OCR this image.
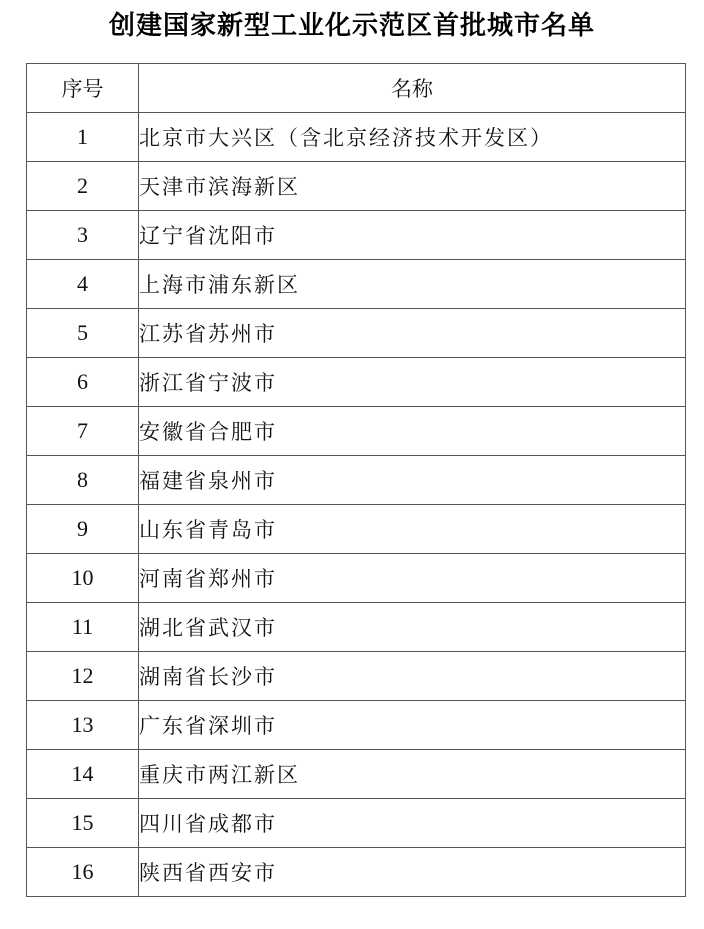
创建国家新型工业化示范区首批城市名单
序号	名称
1	北京市大兴区（含北京经济技术开发区）
2	天津市滨海新区
3	辽宁省沈阳市
4	上海市浦东新区
5	江苏省苏州市
6	浙江省宁波市
7	安徽省合肥市
8	福建省泉州市
9	山东省青岛市
10	河南省郑州市
11	湖北省武汉市
12	湖南省长沙市
13	广东省深圳市
14	重庆市两江新区
15	四川省成都市
16	陕西省西安市
